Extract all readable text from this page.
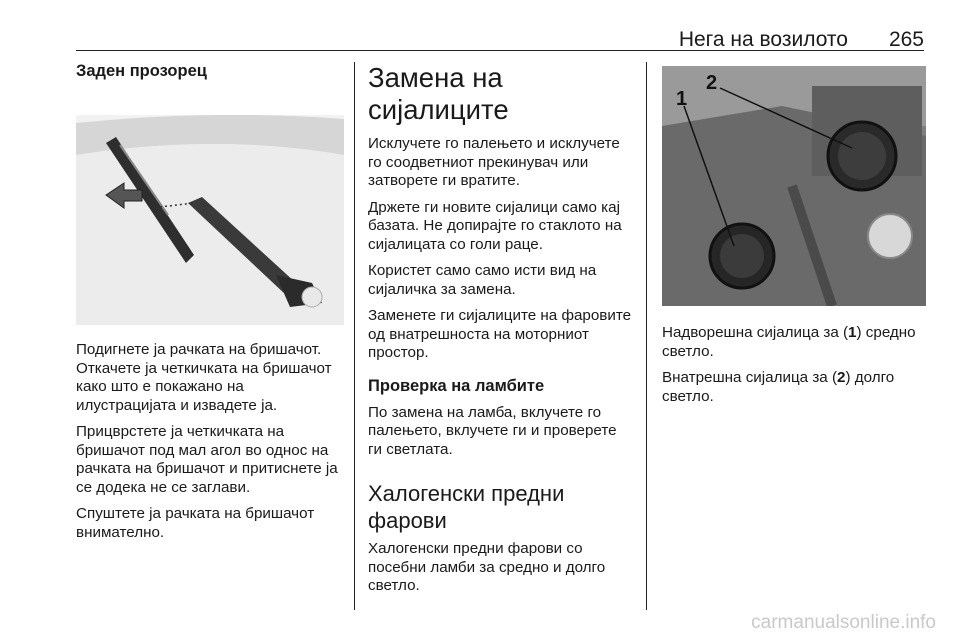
Нега на возилото 265
Заден прозорец

Подигнете ја рачката на бришачот. Откачете ја четкичката на бришачот како што е покажано на илустрацијата и извадете ја.

Прицврстете ја четкичката на бришачот под мал агол во однос на рачката на бришачот и притиснете ја се додека не се заглави.

Спуштете ја рачката на бришачот внимателно.

Замена на сијалиците

Исклучете го палењето и исклучете го соодветниот прекинувач или затворете ги вратите.

Држете ги новите сијалици само кај базата. Не допирајте го стаклото на сијалицата со голи раце.

Користет само само исти вид на сијаличка за замена.

Заменете ги сијалиците на фаровите од внатрешноста на моторниот простор.

Проверка на ламбите

По замена на ламба, вклучете го палењето, вклучете ги и проверете ги светлата.

Халогенски предни фарови

Халогенски предни фарови со посебни ламби за средно и долго светло.

1
2

Надворешна сијалица за (1) средно светло.

Внатрешна сијалица за (2) долго светло.

carmanualsonline.info
